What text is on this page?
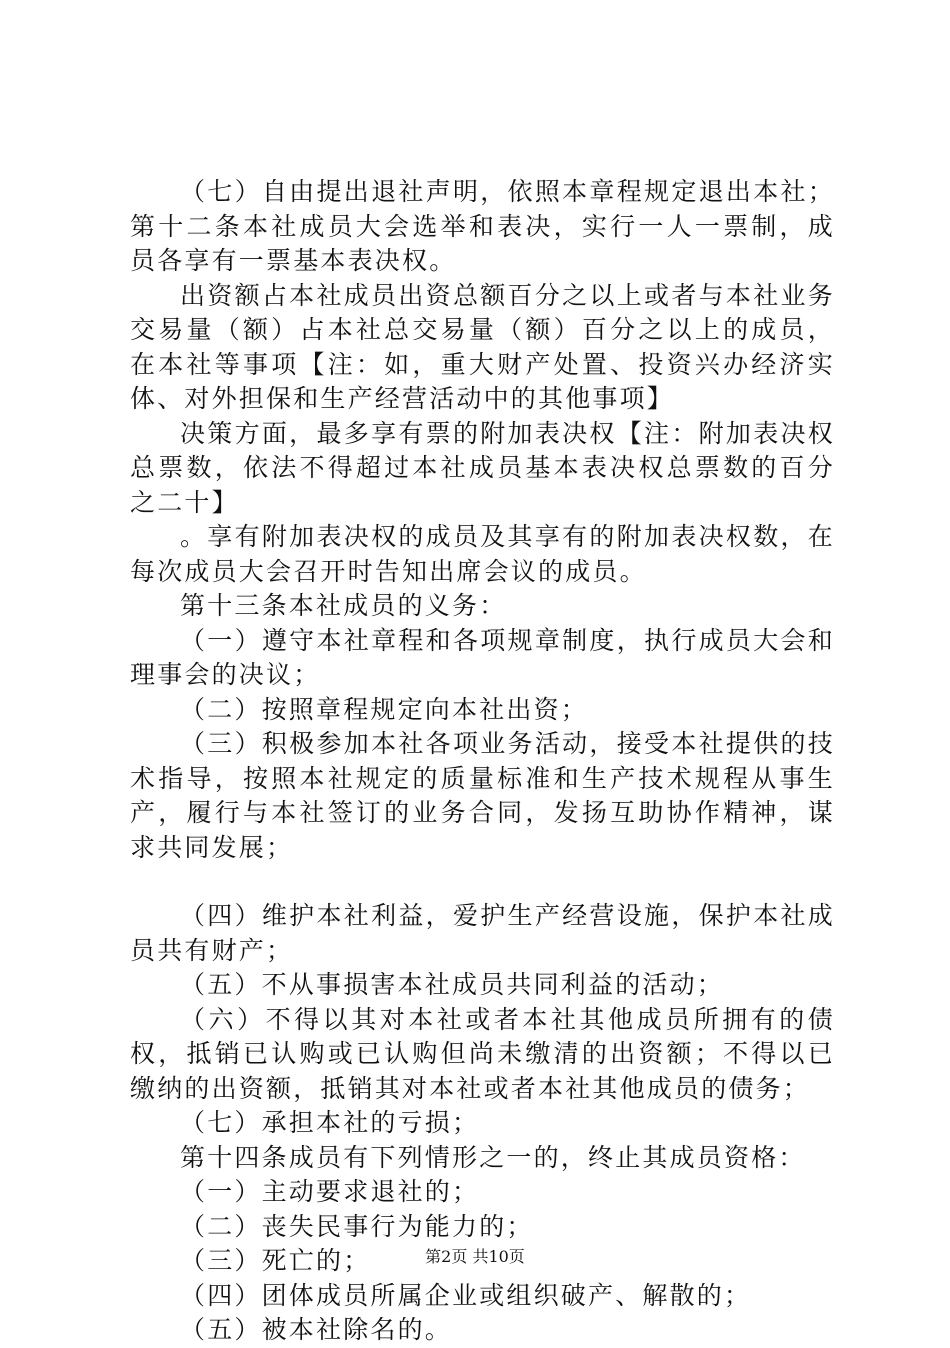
（七）自由提出退社声明，依照本章程规定退出本社；第十二条本社成员大会选举和表决，实行一人一票制，成员各享有一票基本表决权。

出资额占本社成员出资总额百分之以上或者与本社业务交易量（额）占本社总交易量（额）百分之以上的成员，在本社等事项【注：如，重大财产处置、投资兴办经济实体、对外担保和生产经营活动中的其他事项】

决策方面，最多享有票的附加表决权【注：附加表决权总票数，依法不得超过本社成员基本表决权总票数的百分之二十】

。享有附加表决权的成员及其享有的附加表决权数，在每次成员大会召开时告知出席会议的成员。

第十三条本社成员的义务：

（一）遵守本社章程和各项规章制度，执行成员大会和理事会的决议；

（二）按照章程规定向本社出资；

（三）积极参加本社各项业务活动，接受本社提供的技术指导，按照本社规定的质量标准和生产技术规程从事生产，履行与本社签订的业务合同，发扬互助协作精神，谋求共同发展；

（四）维护本社利益，爱护生产经营设施，保护本社成员共有财产；

（五）不从事损害本社成员共同利益的活动；

（六）不得以其对本社或者本社其他成员所拥有的债权，抵销已认购或已认购但尚未缴清的出资额；不得以已缴纳的出资额，抵销其对本社或者本社其他成员的债务；

（七）承担本社的亏损；

第十四条成员有下列情形之一的，终止其成员资格：

（一）主动要求退社的；

（二）丧失民事行为能力的；

（三）死亡的；

（四）团体成员所属企业或组织破产、解散的；

（五）被本社除名的。

第2页 共10页
